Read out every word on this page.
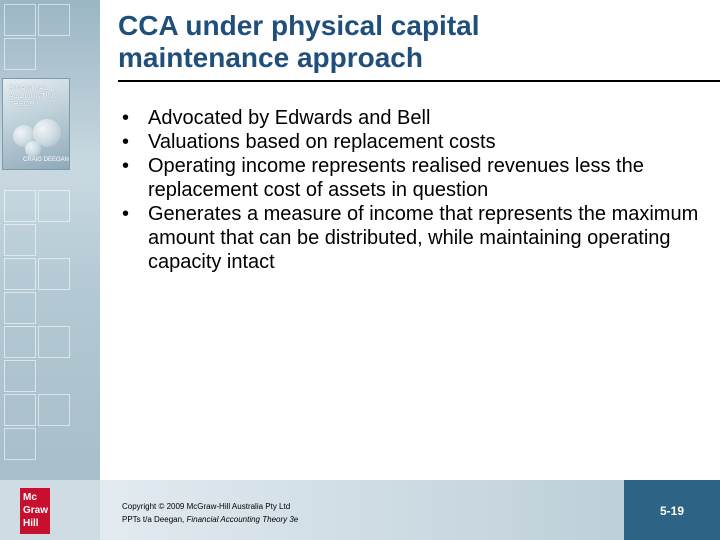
FINANCIAL
ACCOUNTING
THEORY
CRAIG DEEGAN
Mc
Graw
Hill
CCA under physical capital
maintenance approach
• Advocated by Edwards and Bell
• Valuations based on replacement costs
• Operating income represents realised revenues less the replacement cost of assets in question
• Generates a measure of income that represents the maximum amount that can be distributed, while maintaining operating capacity intact
Copyright © 2009 McGraw-Hill Australia Pty Ltd
PPTs t/a Deegan, Financial Accounting Theory 3e
5-19
